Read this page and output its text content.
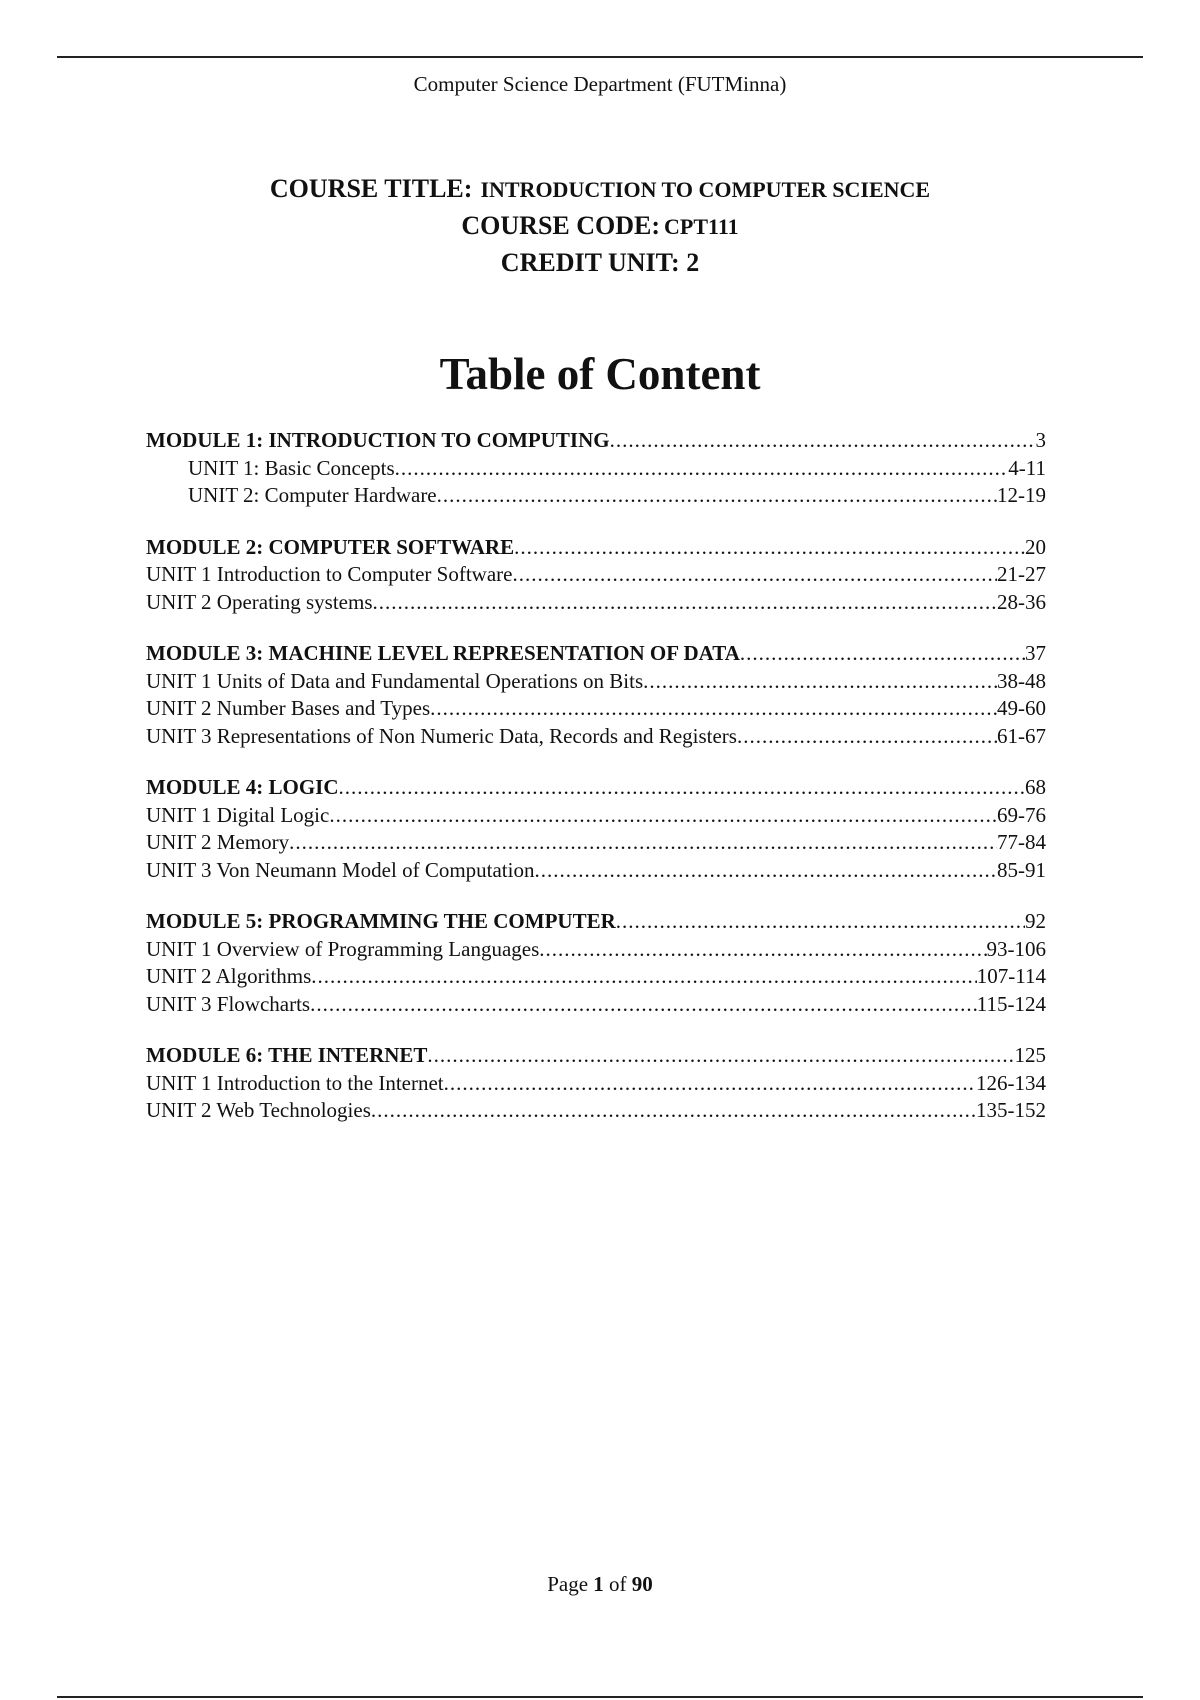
Computer Science Department (FUTMinna)
COURSE TITLE: INTRODUCTION TO COMPUTER SCIENCE
COURSE CODE: CPT111
CREDIT UNIT: 2
Table of Content
MODULE 1: INTRODUCTION TO COMPUTING .....	3
UNIT 1: Basic Concepts .....	4-11
UNIT 2: Computer Hardware .....	12-19
MODULE 2: COMPUTER SOFTWARE .....	20
UNIT 1 Introduction to Computer Software .....	21-27
UNIT 2 Operating systems .....	28-36
MODULE 3: MACHINE LEVEL REPRESENTATION OF DATA .....	37
UNIT 1 Units of Data and Fundamental Operations on Bits .....	38-48
UNIT 2 Number Bases and Types .....	49-60
UNIT 3 Representations of Non Numeric Data, Records and Registers .....	61-67
MODULE 4: LOGIC .....	68
UNIT 1 Digital Logic .....	69-76
UNIT 2 Memory .....	77-84
UNIT 3 Von Neumann Model of Computation .....	85-91
MODULE 5: PROGRAMMING THE COMPUTER .....	92
UNIT 1 Overview of Programming Languages .....	93-106
UNIT 2 Algorithms .....	107-114
UNIT 3 Flowcharts .....	115-124
MODULE 6: THE INTERNET .....	125
UNIT 1 Introduction to the Internet .....	126-134
UNIT 2 Web Technologies .....	135-152
Page 1 of 90
